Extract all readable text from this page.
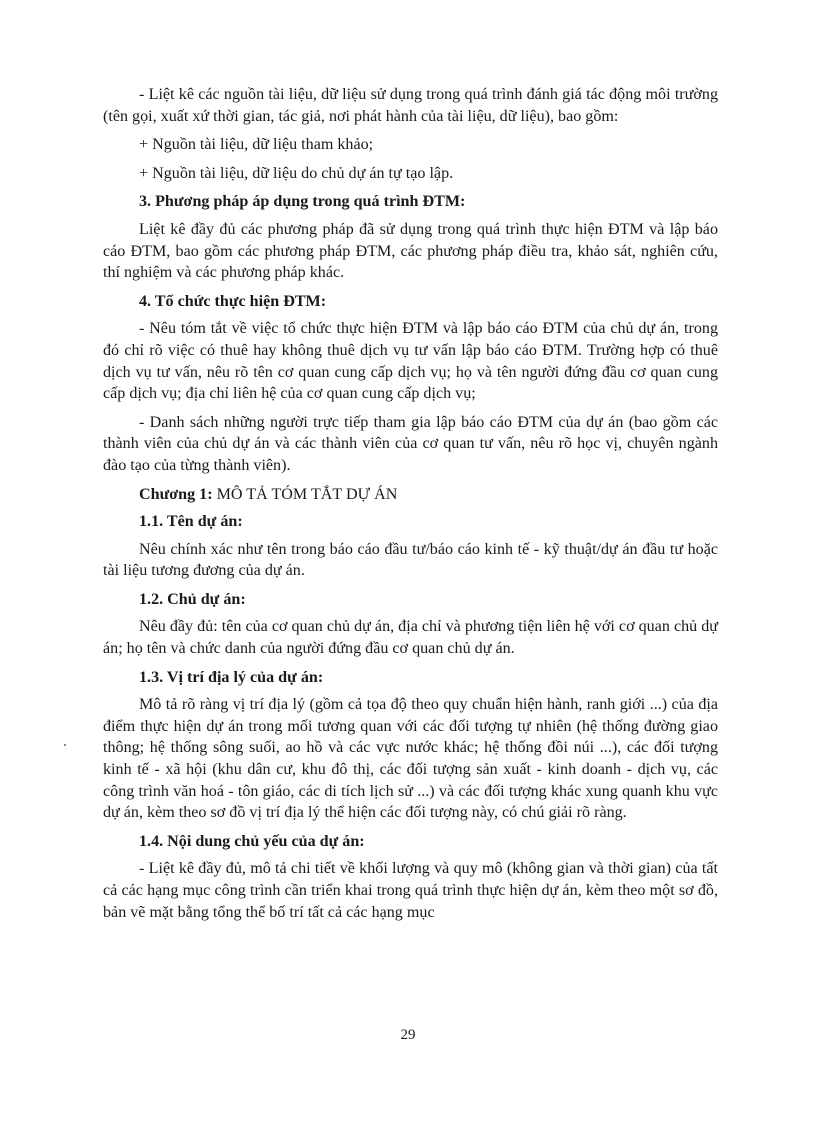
- Liệt kê các nguồn tài liệu, dữ liệu sử dụng trong quá trình đánh giá tác động môi trường (tên gọi, xuất xứ thời gian, tác giả, nơi phát hành của tài liệu, dữ liệu), bao gồm:

+ Nguồn tài liệu, dữ liệu tham khảo;

+ Nguồn tài liệu, dữ liệu do chủ dự án tự tạo lập.

3. Phương pháp áp dụng trong quá trình ĐTM:

Liệt kê đầy đủ các phương pháp đã sử dụng trong quá trình thực hiện ĐTM và lập báo cáo ĐTM, bao gồm các phương pháp ĐTM, các phương pháp điều tra, khảo sát, nghiên cứu, thí nghiệm và các phương pháp khác.

4. Tổ chức thực hiện ĐTM:

- Nêu tóm tắt về việc tổ chức thực hiện ĐTM và lập báo cáo ĐTM của chủ dự án, trong đó chỉ rõ việc có thuê hay không thuê dịch vụ tư vấn lập báo cáo ĐTM. Trường hợp có thuê dịch vụ tư vấn, nêu rõ tên cơ quan cung cấp dịch vụ; họ và tên người đứng đầu cơ quan cung cấp dịch vụ; địa chỉ liên hệ của cơ quan cung cấp dịch vụ;

- Danh sách những người trực tiếp tham gia lập báo cáo ĐTM của dự án (bao gồm các thành viên của chủ dự án và các thành viên của cơ quan tư vấn, nêu rõ học vị, chuyên ngành đào tạo của từng thành viên).

Chương 1: MÔ TẢ TÓM TẮT DỰ ÁN

1.1. Tên dự án:

Nêu chính xác như tên trong báo cáo đầu tư/báo cáo kinh tế - kỹ thuật/dự án đầu tư hoặc tài liệu tương đương của dự án.

1.2. Chủ dự án:

Nêu đầy đủ: tên của cơ quan chủ dự án, địa chỉ và phương tiện liên hệ với cơ quan chủ dự án; họ tên và chức danh của người đứng đầu cơ quan chủ dự án.

1.3. Vị trí địa lý của dự án:

Mô tả rõ ràng vị trí địa lý (gồm cả tọa độ theo quy chuẩn hiện hành, ranh giới ...) của địa điểm thực hiện dự án trong mối tương quan với các đối tượng tự nhiên (hệ thống đường giao thông; hệ thống sông suối, ao hồ và các vực nước khác; hệ thống đồi núi ...), các đối tượng kinh tế - xã hội (khu dân cư, khu đô thị, các đối tượng sản xuất - kinh doanh - dịch vụ, các công trình văn hoá - tôn giáo, các di tích lịch sử ...) và các đối tượng khác xung quanh khu vực dự án, kèm theo sơ đồ vị trí địa lý thể hiện các đối tượng này, có chú giải rõ ràng.

1.4. Nội dung chủ yếu của dự án:

- Liệt kê đầy đủ, mô tả chi tiết về khối lượng và quy mô (không gian và thời gian) của tất cả các hạng mục công trình cần triển khai trong quá trình thực hiện dự án, kèm theo một sơ đồ, bản vẽ mặt bằng tổng thể bố trí tất cả các hạng mục

29
